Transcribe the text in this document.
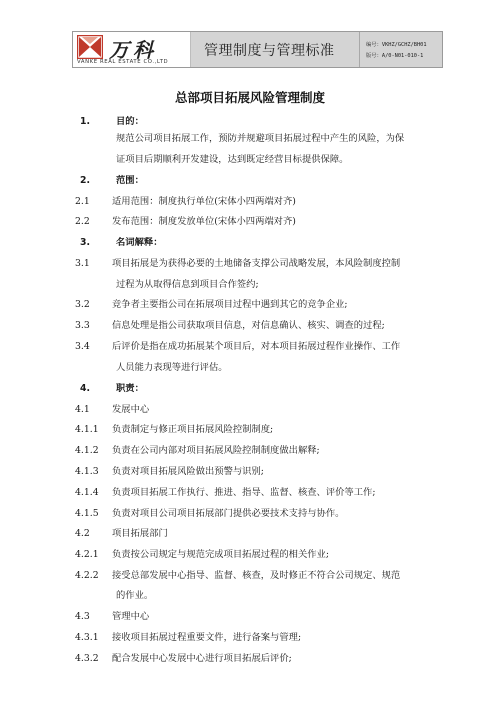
万科
VANKE REAL ESTATE CO.,LTD
管理制度与管理标准	编号：VKHZ/GCHZ/BH01
版号：A/0-N01-010-1
总部项目拓展风险管理制度
1.	目的：
规范公司项目拓展工作，预防并规避项目拓展过程中产生的风险，为保
证项目后期顺利开发建设，达到既定经营目标提供保障。
2.	范围：
2.1 适用范围：制度执行单位(宋体小四两端对齐)
2.2 发布范围：制度发放单位(宋体小四两端对齐)
3.	名词解释：
3.1 项目拓展是为获得必要的土地储备支撑公司战略发展，本风险制度控制
过程为从取得信息到项目合作签约;
3.2 竞争者主要指公司在拓展项目过程中遇到其它的竞争企业;
3.3 信息处理是指公司获取项目信息，对信息确认、核实、调查的过程;
3.4 后评价是指在成功拓展某个项目后，对本项目拓展过程作业操作、工作
人员能力表现等进行评估。
4.	职责：
4.1 发展中心
4.1.1 负责制定与修正项目拓展风险控制制度;
4.1.2 负责在公司内部对项目拓展风险控制制度做出解释;
4.1.3 负责对项目拓展风险做出预警与识别;
4.1.4 负责项目拓展工作执行、推进、指导、监督、核查、评价等工作;
4.1.5 负责对项目公司项目拓展部门提供必要技术支持与协作。
4.2 项目拓展部门
4.2.1 负责按公司规定与规范完成项目拓展过程的相关作业;
4.2.2 接受总部发展中心指导、监督、核查，及时修正不符合公司规定、规范
的作业。
4.3 管理中心
4.3.1 接收项目拓展过程重要文件，进行备案与管理;
4.3.2 配合发展中心发展中心进行项目拓展后评价;
